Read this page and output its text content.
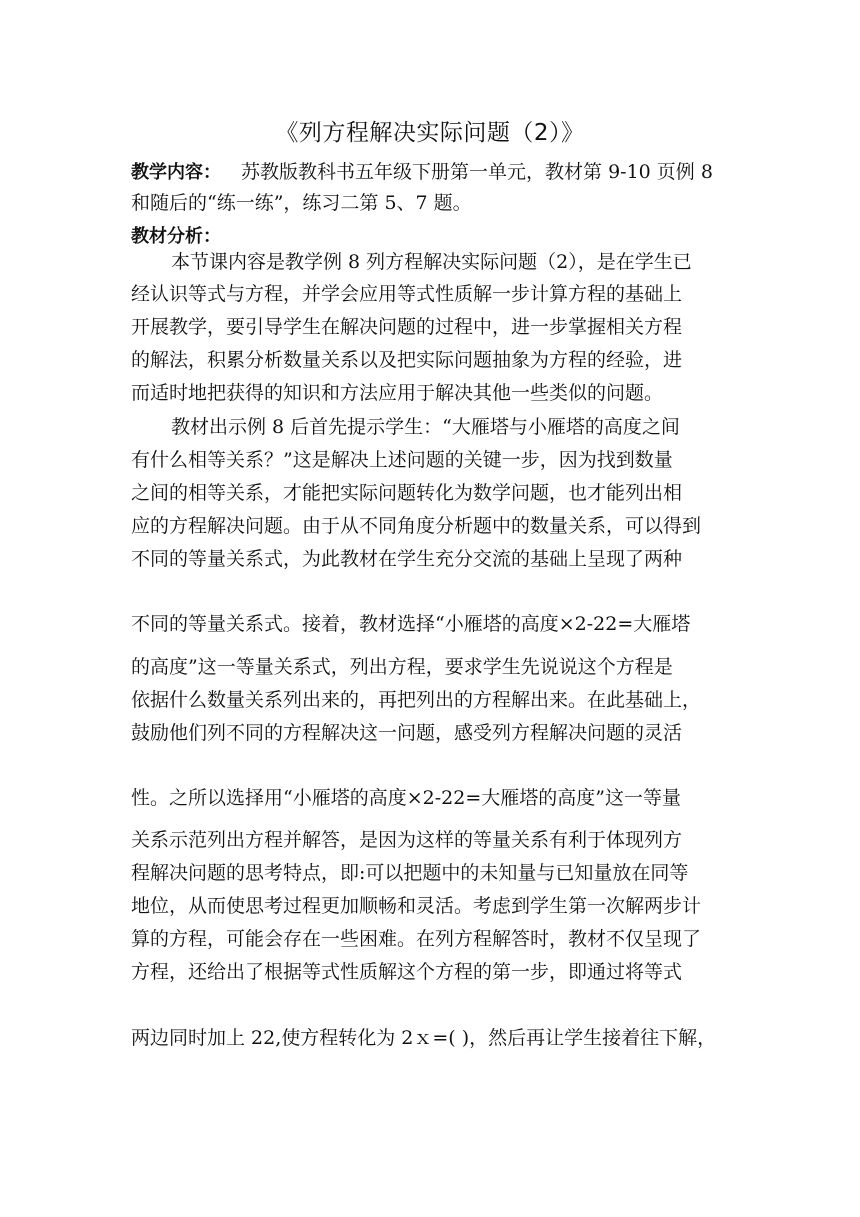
《列方程解决实际问题（2）》
教学内容： 苏教版教科书五年级下册第一单元，教材第 9-10 页例 8
和随后的“练一练”，练习二第 5、7 题。
教材分析：
本节课内容是教学例 8 列方程解决实际问题（2），是在学生已
经认识等式与方程，并学会应用等式性质解一步计算方程的基础上
开展教学，要引导学生在解决问题的过程中，进一步掌握相关方程
的解法，积累分析数量关系以及把实际问题抽象为方程的经验，进
而适时地把获得的知识和方法应用于解决其他一些类似的问题。
教材出示例 8 后首先提示学生：“大雁塔与小雁塔的高度之间
有什么相等关系？”这是解决上述问题的关键一步，因为找到数量
之间的相等关系，才能把实际问题转化为数学问题，也才能列出相
应的方程解决问题。由于从不同角度分析题中的数量关系，可以得到
不同的等量关系式，为此教材在学生充分交流的基础上呈现了两种
不同的等量关系式。接着，教材选择“小雁塔的高度×2-22=大雁塔
的高度”这一等量关系式，列出方程，要求学生先说说这个方程是
依据什么数量关系列出来的，再把列出的方程解出来。在此基础上，
鼓励他们列不同的方程解决这一问题，感受列方程解决问题的灵活
性。之所以选择用“小雁塔的高度×2-22=大雁塔的高度”这一等量
关系示范列出方程并解答，是因为这样的等量关系有利于体现列方
程解决问题的思考特点，即:可以把题中的未知量与已知量放在同等
地位，从而使思考过程更加顺畅和灵活。考虑到学生第一次解两步计
算的方程，可能会存在一些困难。在列方程解答时，教材不仅呈现了
方程，还给出了根据等式性质解这个方程的第一步，即通过将等式
两边同时加上 22,使方程转化为 2ｘ=( )，然后再让学生接着往下解，
